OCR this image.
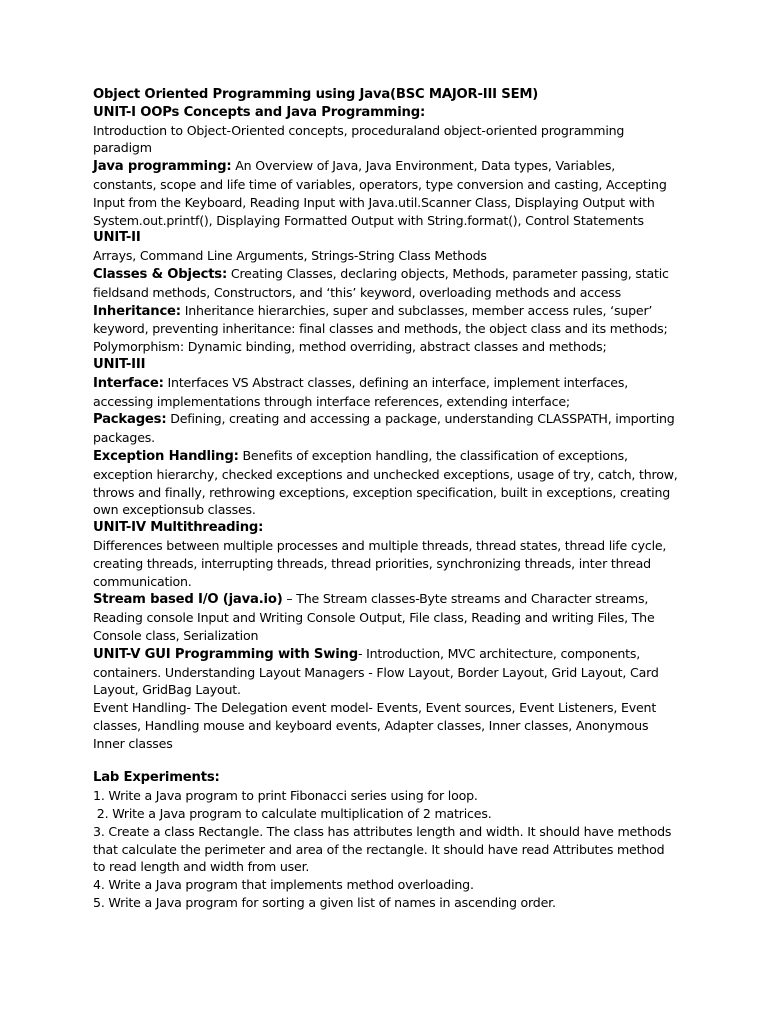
Object Oriented Programming using Java(BSC MAJOR-III SEM)
UNIT-I OOPs Concepts and Java Programming:

Introduction to Object-Oriented concepts, proceduraland object-oriented programming paradigm

Java programming: An Overview of Java, Java Environment, Data types, Variables, constants, scope and life time of variables, operators, type conversion and casting, Accepting Input from the Keyboard, Reading Input with Java.util.Scanner Class, Displaying Output with System.out.printf(), Displaying Formatted Output with String.format(), Control Statements

UNIT-II

Arrays, Command Line Arguments, Strings-String Class Methods

Classes & Objects: Creating Classes, declaring objects, Methods, parameter passing, static fieldsand methods, Constructors, and ‘this’ keyword, overloading methods and access

Inheritance: Inheritance hierarchies, super and subclasses, member access rules, ‘super’ keyword, preventing inheritance: final classes and methods, the object class and its methods; Polymorphism: Dynamic binding, method overriding, abstract classes and methods;

UNIT-III

Interface: Interfaces VS Abstract classes, defining an interface, implement interfaces, accessing implementations through interface references, extending interface;

Packages: Defining, creating and accessing a package, understanding CLASSPATH, importing packages.

Exception Handling: Benefits of exception handling, the classification of exceptions, exception hierarchy, checked exceptions and unchecked exceptions, usage of try, catch, throw, throws and finally, rethrowing exceptions, exception specification, built in exceptions, creating own exceptionsub classes.

UNIT-IV Multithreading:

Differences between multiple processes and multiple threads, thread states, thread life cycle, creating threads, interrupting threads, thread priorities, synchronizing threads, inter thread communication.

Stream based I/O (java.io) – The Stream classes-Byte streams and Character streams, Reading console Input and Writing Console Output, File class, Reading and writing Files, The Console class, Serialization

UNIT-V GUI Programming with Swing- Introduction, MVC architecture, components, containers. Understanding Layout Managers - Flow Layout, Border Layout, Grid Layout, Card Layout, GridBag Layout.

Event Handling- The Delegation event model- Events, Event sources, Event Listeners, Event classes, Handling mouse and keyboard events, Adapter classes, Inner classes, Anonymous Inner classes

Lab Experiments:

1. Write a Java program to print Fibonacci series using for loop.

2. Write a Java program to calculate multiplication of 2 matrices.

3. Create a class Rectangle. The class has attributes length and width. It should have methods that calculate the perimeter and area of the rectangle. It should have read Attributes method to read length and width from user.

4. Write a Java program that implements method overloading.

5. Write a Java program for sorting a given list of names in ascending order.
